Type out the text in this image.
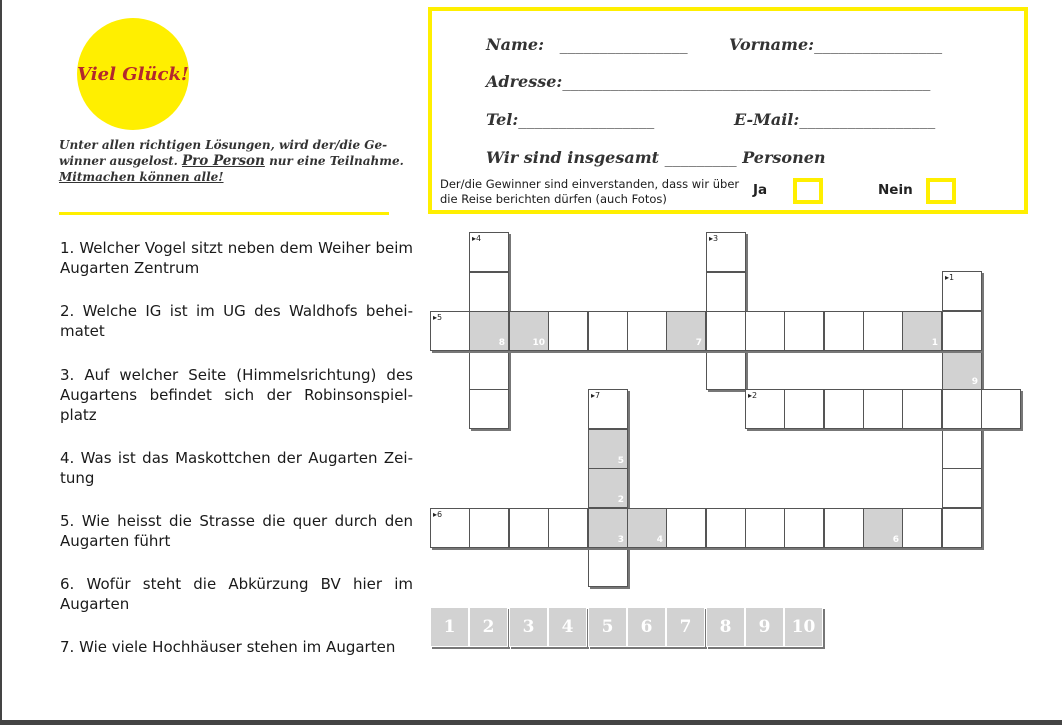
Viel Glück!
Unter allen richtigen Lösungen, wird der/die Ge-winner ausgelost. Pro Person nur eine Teilnahme.
Mitmachen können alle!

1. Welcher Vogel sitzt neben dem Weiher beim Augarten Zentrum

2. Welche IG ist im UG des Waldhofs behei-matet

3. Auf welcher Seite (Himmelsrichtung) des Augartens befindet sich der Robinsonspiel-platz

4. Was ist das Maskottchen der Augarten Zei-tung

5. Wie heisst die Strasse die quer durch den Augarten führt

6. Wofür steht die Abkürzung BV hier im Augarten

7. Wie viele Hochhäuser stehen im Augarten

Name: ________________	Vorname:________________
Adresse:______________________________________________
Tel:_________________	E-Mail:_________________
Wir sind insgesamt _________ Personen
Der/die Gewinner sind einverstanden, dass wir über die Reise berichten dürfen (auch Fotos)
Ja	Nein
▸4	▸3
▸1
9
▸5
8	10	7	1
▸2
▸7
5
2
▸6
3	4	6
1	2	3	4	5	6	7	8	9	10
